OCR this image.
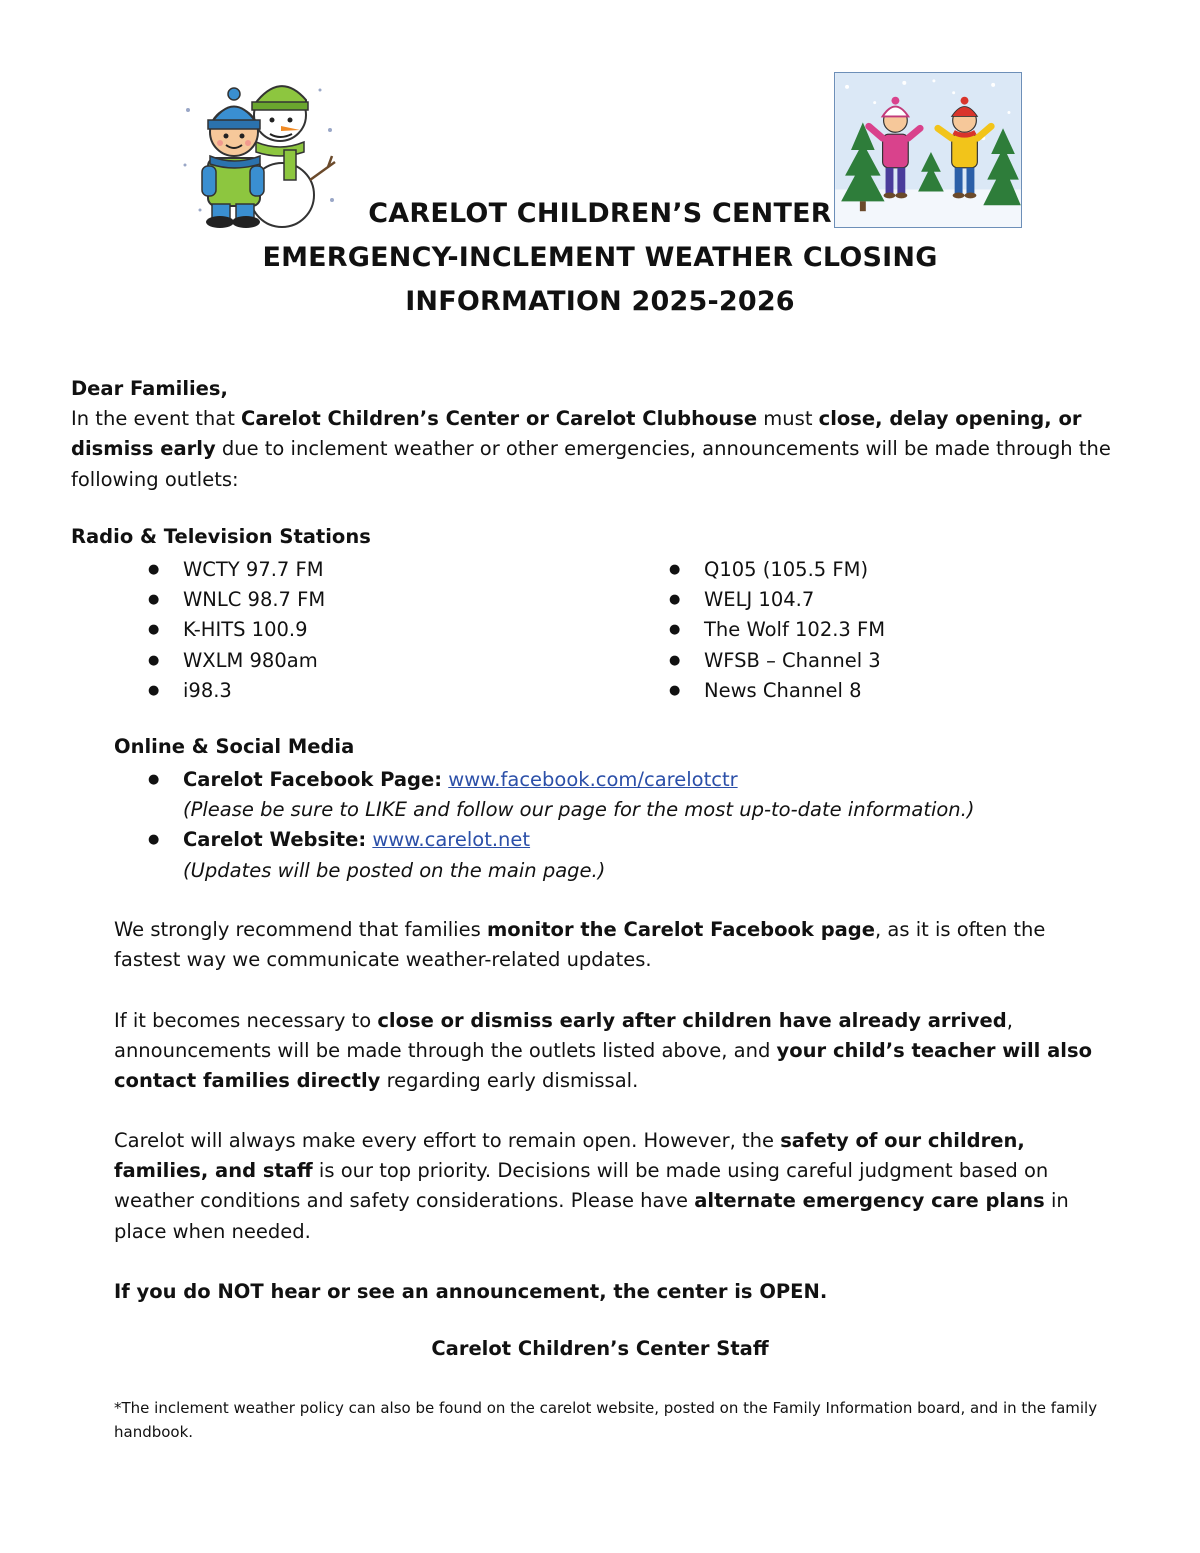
CARELOT CHILDREN’S CENTER
EMERGENCY-INCLEMENT WEATHER CLOSING
INFORMATION 2025-2026
Dear Families,
In the event that Carelot Children’s Center or Carelot Clubhouse must close, delay opening, or dismiss early due to inclement weather or other emergencies, announcements will be made through the following outlets:
Radio & Television Stations
● WCTY 97.7 FM
● WNLC 98.7 FM
● K-HITS 100.9
● WXLM 980am
● i98.3
● Q105 (105.5 FM)
● WELJ 104.7
● The Wolf 102.3 FM
● WFSB – Channel 3
● News Channel 8
Online & Social Media
● Carelot Facebook Page: www.facebook.com/carelotctr
(Please be sure to LIKE and follow our page for the most up-to-date information.)
● Carelot Website: www.carelot.net
(Updates will be posted on the main page.)
We strongly recommend that families monitor the Carelot Facebook page, as it is often the fastest way we communicate weather-related updates.
If it becomes necessary to close or dismiss early after children have already arrived, announcements will be made through the outlets listed above, and your child’s teacher will also contact families directly regarding early dismissal.
Carelot will always make every effort to remain open. However, the safety of our children, families, and staff is our top priority. Decisions will be made using careful judgment based on weather conditions and safety considerations. Please have alternate emergency care plans in place when needed.
If you do NOT hear or see an announcement, the center is OPEN.
Carelot Children’s Center Staff
*The inclement weather policy can also be found on the carelot website, posted on the Family Information board, and in the family handbook.
